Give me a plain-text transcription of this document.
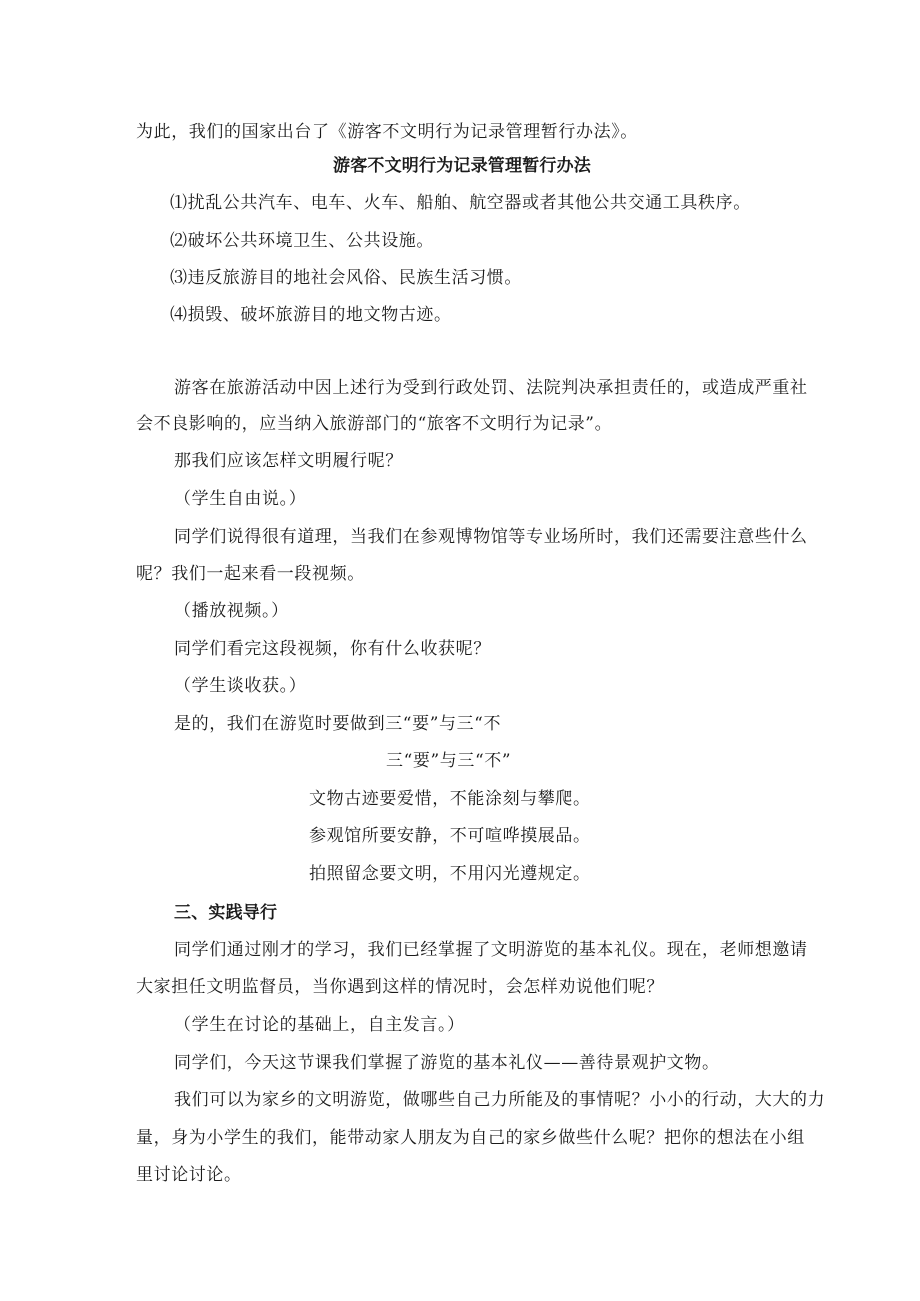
为此，我们的国家出台了《游客不文明行为记录管理暂行办法》。
游客不文明行为记录管理暂行办法
⑴扰乱公共汽车、电车、火车、船舶、航空器或者其他公共交通工具秩序。
⑵破坏公共环境卫生、公共设施。
⑶违反旅游目的地社会风俗、民族生活习惯。
⑷损毁、破坏旅游目的地文物古迹。
游客在旅游活动中因上述行为受到行政处罚、法院判决承担责任的，或造成严重社
会不良影响的，应当纳入旅游部门的“旅客不文明行为记录”。
那我们应该怎样文明履行呢？
（学生自由说。）
同学们说得很有道理，当我们在参观博物馆等专业场所时，我们还需要注意些什么
呢？我们一起来看一段视频。
（播放视频。）
同学们看完这段视频，你有什么收获呢？
（学生谈收获。）
是的，我们在游览时要做到三“要”与三“不
三“要”与三“不”
文物古迹要爱惜，不能涂刻与攀爬。
参观馆所要安静，不可喧哗摸展品。
拍照留念要文明，不用闪光遵规定。
三、实践导行
同学们通过刚才的学习，我们已经掌握了文明游览的基本礼仪。现在，老师想邀请
大家担任文明监督员，当你遇到这样的情况时，会怎样劝说他们呢？
（学生在讨论的基础上，自主发言。）
同学们，今天这节课我们掌握了游览的基本礼仪——善待景观护文物。
我们可以为家乡的文明游览，做哪些自己力所能及的事情呢？小小的行动，大大的力
量，身为小学生的我们，能带动家人朋友为自己的家乡做些什么呢？把你的想法在小组
里讨论讨论。
